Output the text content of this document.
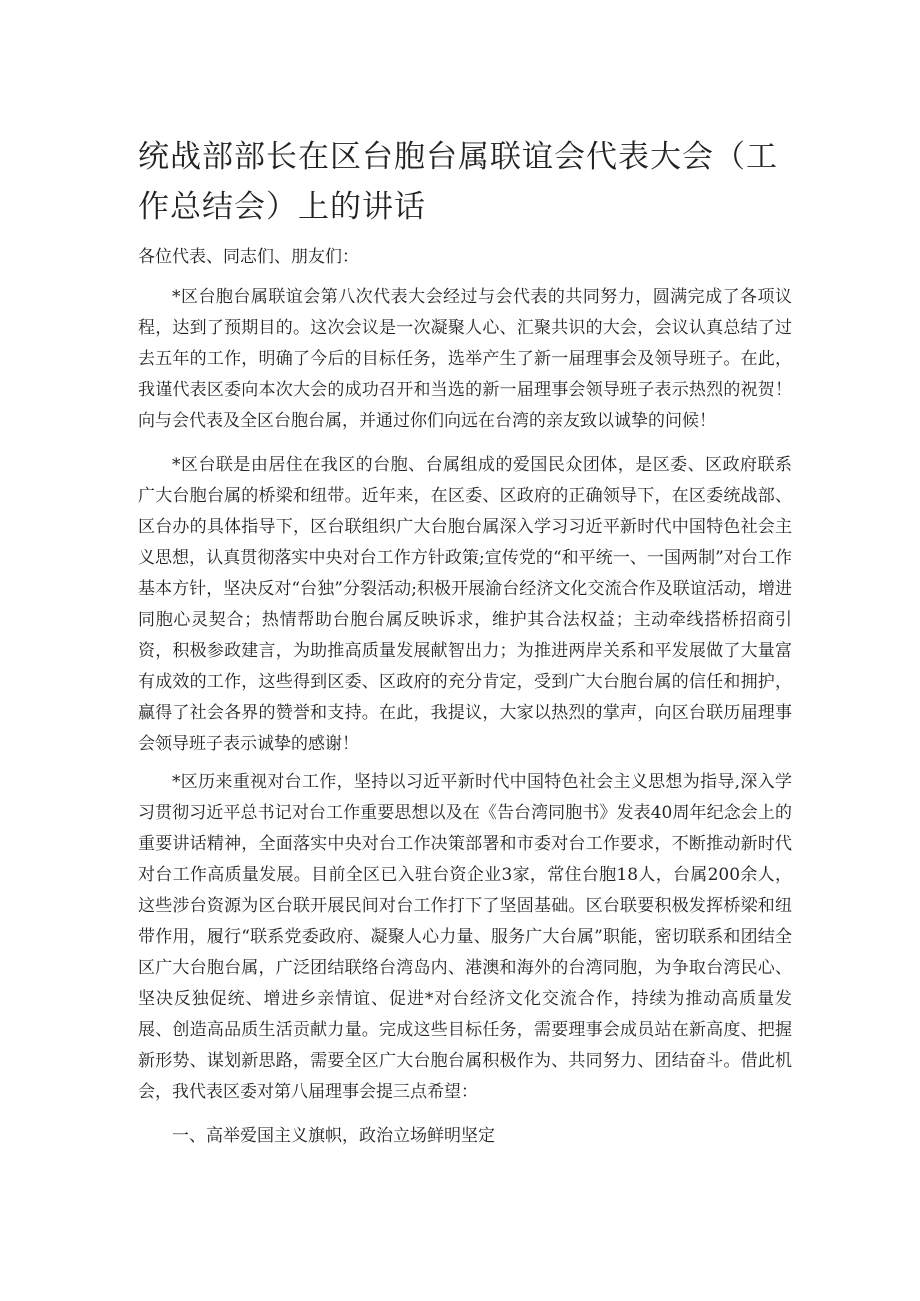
统战部部长在区台胞台属联谊会代表大会（工作总结会）上的讲话

各位代表、同志们、朋友们：

*区台胞台属联谊会第八次代表大会经过与会代表的共同努力，圆满完成了各项议程，达到了预期目的。这次会议是一次凝聚人心、汇聚共识的大会，会议认真总结了过去五年的工作，明确了今后的目标任务，选举产生了新一届理事会及领导班子。在此，我谨代表区委向本次大会的成功召开和当选的新一届理事会领导班子表示热烈的祝贺！向与会代表及全区台胞台属，并通过你们向远在台湾的亲友致以诚挚的问候！

*区台联是由居住在我区的台胞、台属组成的爱国民众团体，是区委、区政府联系广大台胞台属的桥梁和纽带。近年来，在区委、区政府的正确领导下，在区委统战部、区台办的具体指导下，区台联组织广大台胞台属深入学习习近平新时代中国特色社会主义思想，认真贯彻落实中央对台工作方针政策;宣传党的“和平统一、一国两制”对台工作基本方针，坚决反对“台独”分裂活动;积极开展渝台经济文化交流合作及联谊活动，增进同胞心灵契合；热情帮助台胞台属反映诉求，维护其合法权益；主动牵线搭桥招商引资，积极参政建言，为助推高质量发展献智出力；为推进两岸关系和平发展做了大量富有成效的工作，这些得到区委、区政府的充分肯定，受到广大台胞台属的信任和拥护，赢得了社会各界的赞誉和支持。在此，我提议，大家以热烈的掌声，向区台联历届理事会领导班子表示诚挚的感谢！

*区历来重视对台工作，坚持以习近平新时代中国特色社会主义思想为指导,深入学习贯彻习近平总书记对台工作重要思想以及在《告台湾同胞书》发表40周年纪念会上的重要讲话精神，全面落实中央对台工作决策部署和市委对台工作要求，不断推动新时代对台工作高质量发展。目前全区已入驻台资企业3家，常住台胞18人，台属200余人，这些涉台资源为区台联开展民间对台工作打下了坚固基础。区台联要积极发挥桥梁和纽带作用，履行“联系党委政府、凝聚人心力量、服务广大台属”职能，密切联系和团结全区广大台胞台属，广泛团结联络台湾岛内、港澳和海外的台湾同胞，为争取台湾民心、坚决反独促统、增进乡亲情谊、促进*对台经济文化交流合作，持续为推动高质量发展、创造高品质生活贡献力量。完成这些目标任务，需要理事会成员站在新高度、把握新形势、谋划新思路，需要全区广大台胞台属积极作为、共同努力、团结奋斗。借此机会，我代表区委对第八届理事会提三点希望：

一、高举爱国主义旗帜，政治立场鲜明坚定
